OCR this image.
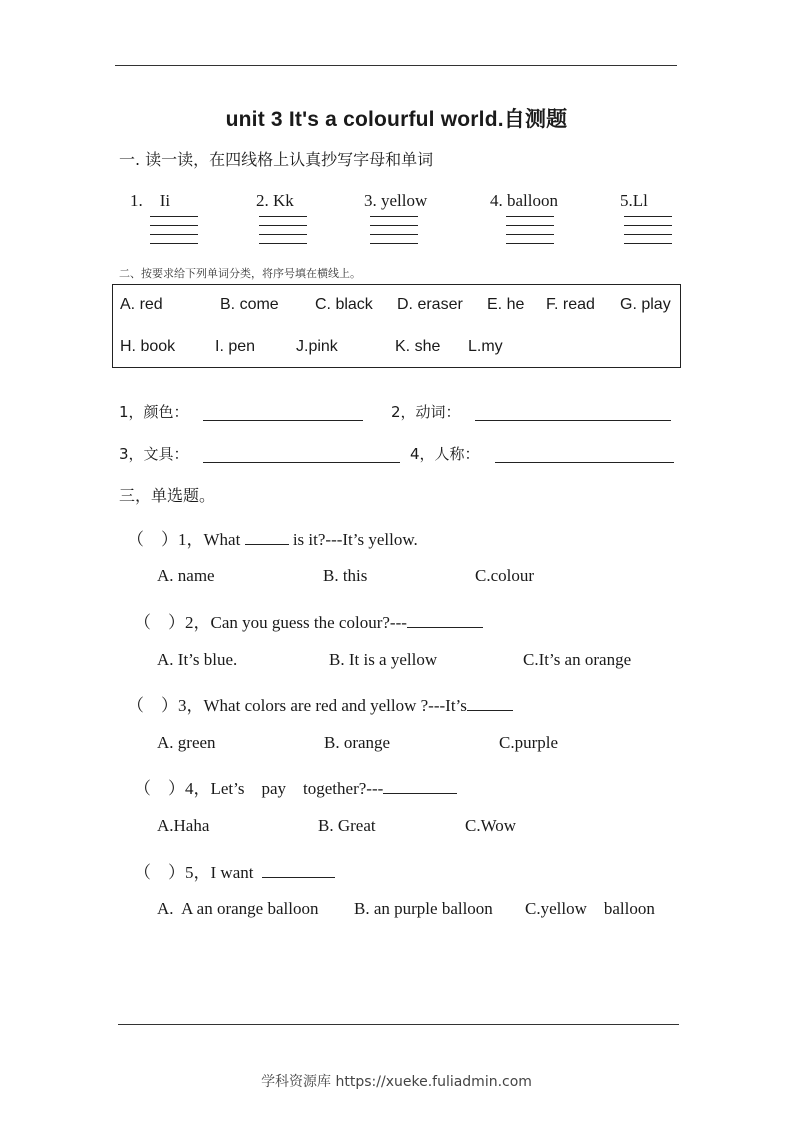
unit 3 It's a colourful world.自测题
一. 读一读，在四线格上认真抄写字母和单词
1.    Ii	2. Kk	3. yellow	4. balloon	5.Ll
二、按要求给下列单词分类，将序号填在横线上。
A. red	B. come C. black D. eraser E. he F. read G. play
H. book I. pen	J.pink	K. she L.my
1，颜色：	2，动词：
3，文具：	4，人称：
三，单选题。
（    ）1，What	is it?---It’s yellow.
A. name	B. this	C.colour
（    ）2，Can you guess the colour?---
A. It’s blue.	B. It is a yellow	C.It’s an orange
（    ）3，What colors are red and yellow ?---It’s
A. green	B. orange	C.purple
（    ）4，Let’s    pay    together?---
A.Haha	B. Great	C.Wow
（    ）5，I want
A.  A an orange balloon B. an purple balloon C.yellow    balloon
学科资源库 https://xueke.fuliadmin.com
